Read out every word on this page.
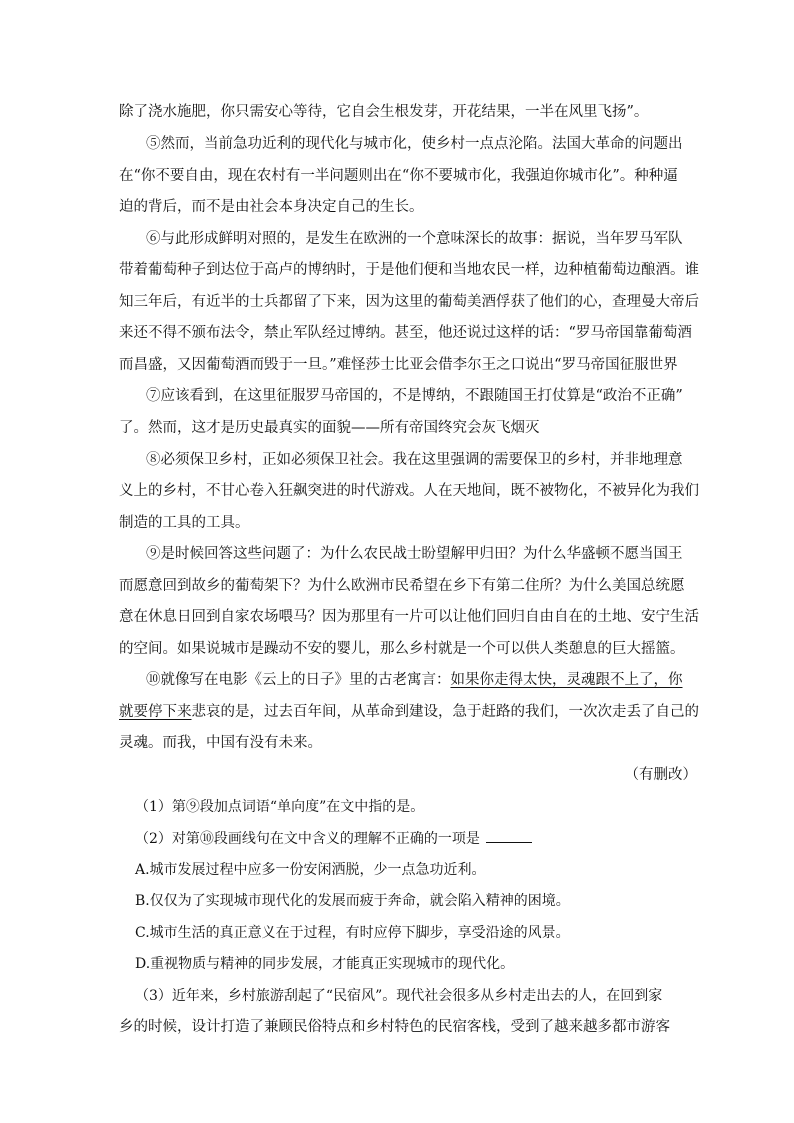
除了浇水施肥，你只需安心等待，它自会生根发芽，开花结果，一半在风里飞扬”。
⑤然而，当前急功近利的现代化与城市化，使乡村一点点沦陷。法国大革命的问题出
在“你不要自由，现在农村有一半问题则出在“你不要城市化，我强迫你城市化”。种种逼
迫的背后，而不是由社会本身决定自己的生长。
⑥与此形成鲜明对照的，是发生在欧洲的一个意味深长的故事：据说，当年罗马军队
带着葡萄种子到达位于高卢的博纳时，于是他们便和当地农民一样，边种植葡萄边酿酒。谁
知三年后，有近半的士兵都留了下来，因为这里的葡萄美酒俘获了他们的心，查理曼大帝后
来还不得不颁布法令，禁止军队经过博纳。甚至，他还说过这样的话：“罗马帝国靠葡萄酒
而昌盛，又因葡萄酒而毁于一旦。”难怪莎士比亚会借李尔王之口说出“罗马帝国征服世界
⑦应该看到，在这里征服罗马帝国的，不是博纳，不跟随国王打仗算是“政治不正确”
了。然而，这才是历史最真实的面貌——所有帝国终究会灰飞烟灭
⑧必须保卫乡村，正如必须保卫社会。我在这里强调的需要保卫的乡村，并非地理意
义上的乡村，不甘心卷入狂飙突进的时代游戏。人在天地间，既不被物化，不被异化为我们
制造的工具的工具。
⑨是时候回答这些问题了：为什么农民战士盼望解甲归田？为什么华盛顿不愿当国王
而愿意回到故乡的葡萄架下？为什么欧洲市民希望在乡下有第二住所？为什么美国总统愿
意在休息日回到自家农场喂马？因为那里有一片可以让他们回归自由自在的土地、安宁生活
的空间。如果说城市是躁动不安的婴儿，那么乡村就是一个可以供人类憩息的巨大摇篮。
⑩就像写在电影《云上的日子》里的古老寓言：如果你走得太快，灵魂跟不上了，你
就要停下来悲哀的是，过去百年间，从革命到建设，急于赶路的我们，一次次走丢了自己的
灵魂。而我，中国有没有未来。
（有删改）
（1）第⑨段加点词语“单向度”在文中指的是。
（2）对第⑩段画线句在文中含义的理解不正确的一项是
A.城市发展过程中应多一份安闲洒脱，少一点急功近利。
B.仅仅为了实现城市现代化的发展而疲于奔命，就会陷入精神的困境。
C.城市生活的真正意义在于过程，有时应停下脚步，享受沿途的风景。
D.重视物质与精神的同步发展，才能真正实现城市的现代化。
（3）近年来，乡村旅游刮起了“民宿风”。现代社会很多从乡村走出去的人，在回到家
乡的时候，设计打造了兼顾民俗特点和乡村特色的民宿客栈，受到了越来越多都市游客
